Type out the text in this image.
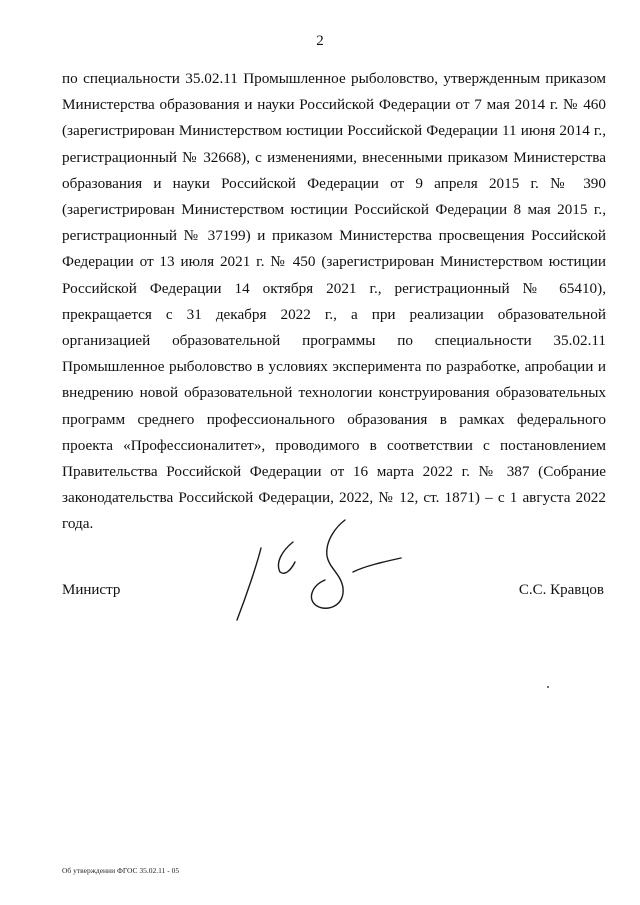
2

по специальности 35.02.11 Промышленное рыболовство, утвержденным приказом Министерства образования и науки Российской Федерации от 7 мая 2014 г. № 460 (зарегистрирован Министерством юстиции Российской Федерации 11 июня 2014 г., регистрационный № 32668), с изменениями, внесенными приказом Министерства образования и науки Российской Федерации от 9 апреля 2015 г. № 390 (зарегистрирован Министерством юстиции Российской Федерации 8 мая 2015 г., регистрационный № 37199) и приказом Министерства просвещения Российской Федерации от 13 июля 2021 г. № 450 (зарегистрирован Министерством юстиции Российской Федерации 14 октября 2021 г., регистрационный № 65410), прекращается с 31 декабря 2022 г., а при реализации образовательной организацией образовательной программы по специальности 35.02.11 Промышленное рыболовство в условиях эксперимента по разработке, апробации и внедрению новой образовательной технологии конструирования образовательных программ среднего профессионального образования в рамках федерального проекта «Профессионалитет», проводимого в соответствии с постановлением Правительства Российской Федерации от 16 марта 2022 г. № 387 (Собрание законодательства Российской Федерации, 2022, № 12, ст. 1871) – с 1 августа 2022 года.

Министр	С.С. Кравцов
Об утверждении ФГОС 35.02.11 - 05
